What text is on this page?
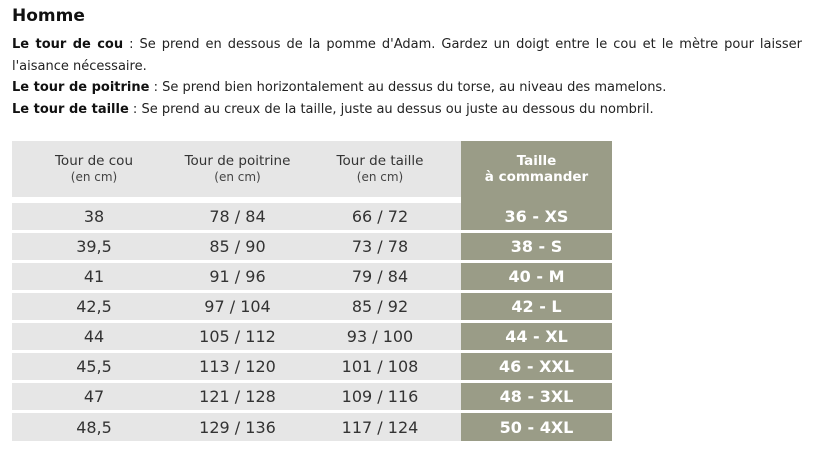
Homme

Le tour de cou : Se prend en dessous de la pomme d'Adam. Gardez un doigt entre le cou et le mètre pour laisser l'aisance nécessaire.

Le tour de poitrine : Se prend bien horizontalement au dessus du torse, au niveau des mamelons.

Le tour de taille : Se prend au creux de la taille, juste au dessus ou juste au dessous du nombril.

Tour de cou
(en cm)	Tour de poitrine
(en cm)	Tour de taille
(en cm)	Taille
à commander

38	78 / 84	66 / 72	36 - XS
39,5	85 / 90	73 / 78	38 - S
41	91 / 96	79 / 84	40 - M
42,5	97 / 104	85 / 92	42 - L
44	105 / 112	93 / 100	44 - XL
45,5	113 / 120	101 / 108	46 - XXL
47	121 / 128	109 / 116	48 - 3XL
48,5	129 / 136	117 / 124	50 - 4XL
